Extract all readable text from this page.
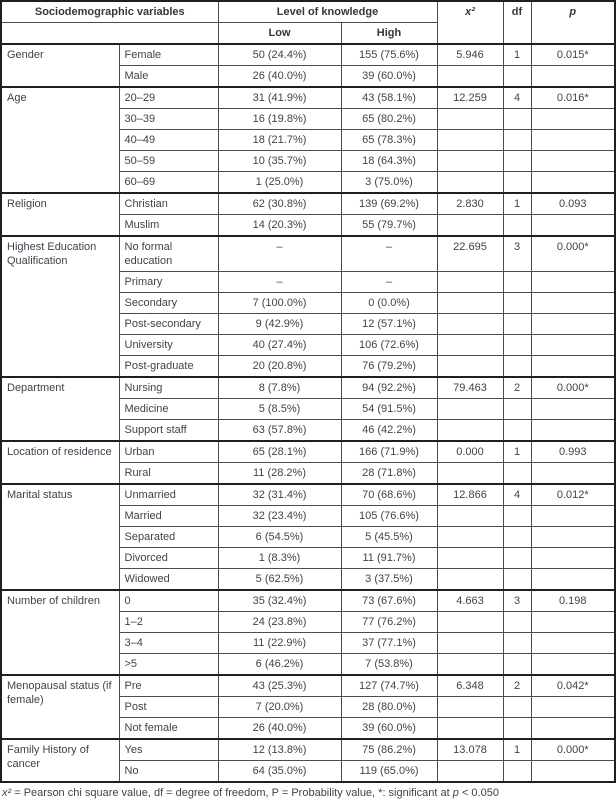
Sociodemographic variables		Level of knowledge		x²	df	p
		Low	High			
Gender	Female	50 (24.4%)	155 (75.6%)	5.946	1	0.015*
	Male	26 (40.0%)	39 (60.0%)			
Age	20–29	31 (41.9%)	43 (58.1%)	12.259	4	0.016*
	30–39	16 (19.8%)	65 (80.2%)			
	40–49	18 (21.7%)	65 (78.3%)			
	50–59	10 (35.7%)	18 (64.3%)			
	60–69	1 (25.0%)	3 (75.0%)			
Religion	Christian	62 (30.8%)	139 (69.2%)	2.830	1	0.093
	Muslim	14 (20.3%)	55 (79.7%)			
Highest Education Qualification	No formal education	–	–	22.695	3	0.000*
	Primary	–	–			
	Secondary	7 (100.0%)	0 (0.0%)			
	Post-secondary	9 (42.9%)	12 (57.1%)			
	University	40 (27.4%)	106 (72.6%)			
	Post-graduate	20 (20.8%)	76 (79.2%)			
Department	Nursing	8 (7.8%)	94 (92.2%)	79.463	2	0.000*
	Medicine	5 (8.5%)	54 (91.5%)			
	Support staff	63 (57.8%)	46 (42.2%)			
Location of residence	Urban	65 (28.1%)	166 (71.9%)	0.000	1	0.993
	Rural	11 (28.2%)	28 (71.8%)			
Marital status	Unmarried	32 (31.4%)	70 (68.6%)	12.866	4	0.012*
	Married	32 (23.4%)	105 (76.6%)			
	Separated	6 (54.5%)	5 (45.5%)			
	Divorced	1 (8.3%)	11 (91.7%)			
	Widowed	5 (62.5%)	3 (37.5%)			
Number of children	0	35 (32.4%)	73 (67.6%)	4.663	3	0.198
	1–2	24 (23.8%)	77 (76.2%)			
	3–4	11 (22.9%)	37 (77.1%)			
	>5	6 (46.2%)	7 (53.8%)			
Menopausal status (if female)	Pre	43 (25.3%)	127 (74.7%)	6.348	2	0.042*
	Post	7 (20.0%)	28 (80.0%)			
	Not female	26 (40.0%)	39 (60.0%)			
Family History of cancer	Yes	12 (13.8%)	75 (86.2%)	13.078	1	0.000*
	No	64 (35.0%)	119 (65.0%)			
x² = Pearson chi square value, df = degree of freedom, P = Probability value, *: significant at p < 0.050
